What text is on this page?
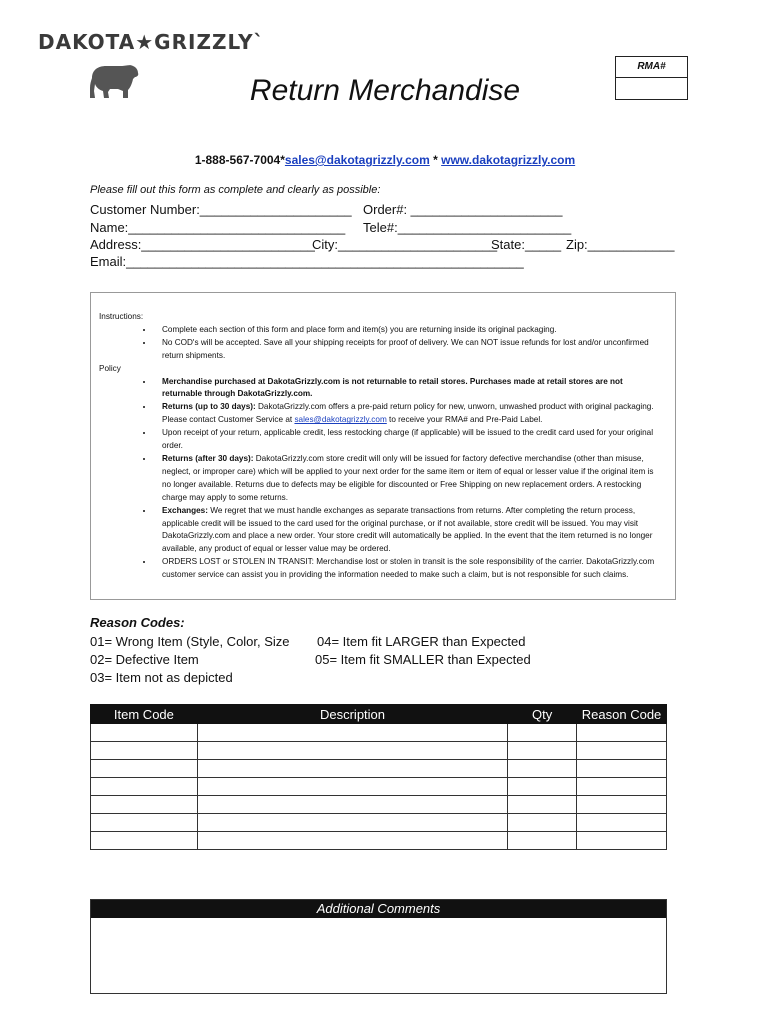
DAKOTA★GRIZZLYˋ
Return Merchandise
RMA#
1-888-567-7004*sales@dakotagrizzly.com * www.dakotagrizzly.com
Please fill out this form as complete and clearly as possible:
Customer Number:_____________________ Order#: _____________________
Name:______________________________ Tele#:________________________
Address:________________________
City:______________________
State:_____ Zip:____________
Email:_______________________________________________________

Instructions:

• Complete each section of this form and place form and item(s) you are returning inside its original packaging.
• No COD's will be accepted. Save all your shipping receipts for proof of delivery. We can NOT issue refunds for lost and/or unconfirmed return shipments.

Policy

• Merchandise purchased at DakotaGrizzly.com is not returnable to retail stores. Purchases made at retail stores are not returnable through DakotaGrizzly.com.
• Returns (up to 30 days): DakotaGrizzly.com offers a pre-paid return policy for new, unworn, unwashed product with original packaging. Please contact Customer Service at sales@dakotagrizzly.com to receive your RMA# and Pre-Paid Label.
• Upon receipt of your return, applicable credit, less restocking charge (if applicable) will be issued to the credit card used for your original order.
• Returns (after 30 days): DakotaGrizzly.com store credit will only will be issued for factory defective merchandise (other than misuse, neglect, or improper care) which will be applied to your next order for the same item or item of equal or lesser value if the original item is no longer available. Returns due to defects may be eligible for discounted or Free Shipping on new replacement orders. A restocking charge may apply to some returns.
• Exchanges: We regret that we must handle exchanges as separate transactions from returns. After completing the return process, applicable credit will be issued to the card used for the original purchase, or if not available, store credit will be issued. You may visit DakotaGrizzly.com and place a new order. Your store credit will automatically be applied. In the event that the item returned is no longer available, any product of equal or lesser value may be ordered.
• ORDERS LOST or STOLEN IN TRANSIT: Merchandise lost or stolen in transit is the sole responsibility of the carrier. DakotaGrizzly.com customer service can assist you in providing the information needed to make such a claim, but is not responsible for such claims.
Reason Codes:
01= Wrong Item (Style, Color, Size
02= Defective Item
03= Item not as depicted
04= Item fit LARGER than Expected
05= Item fit SMALLER than Expected
Item Code	Description	Qty	Reason Code

Additional Comments
